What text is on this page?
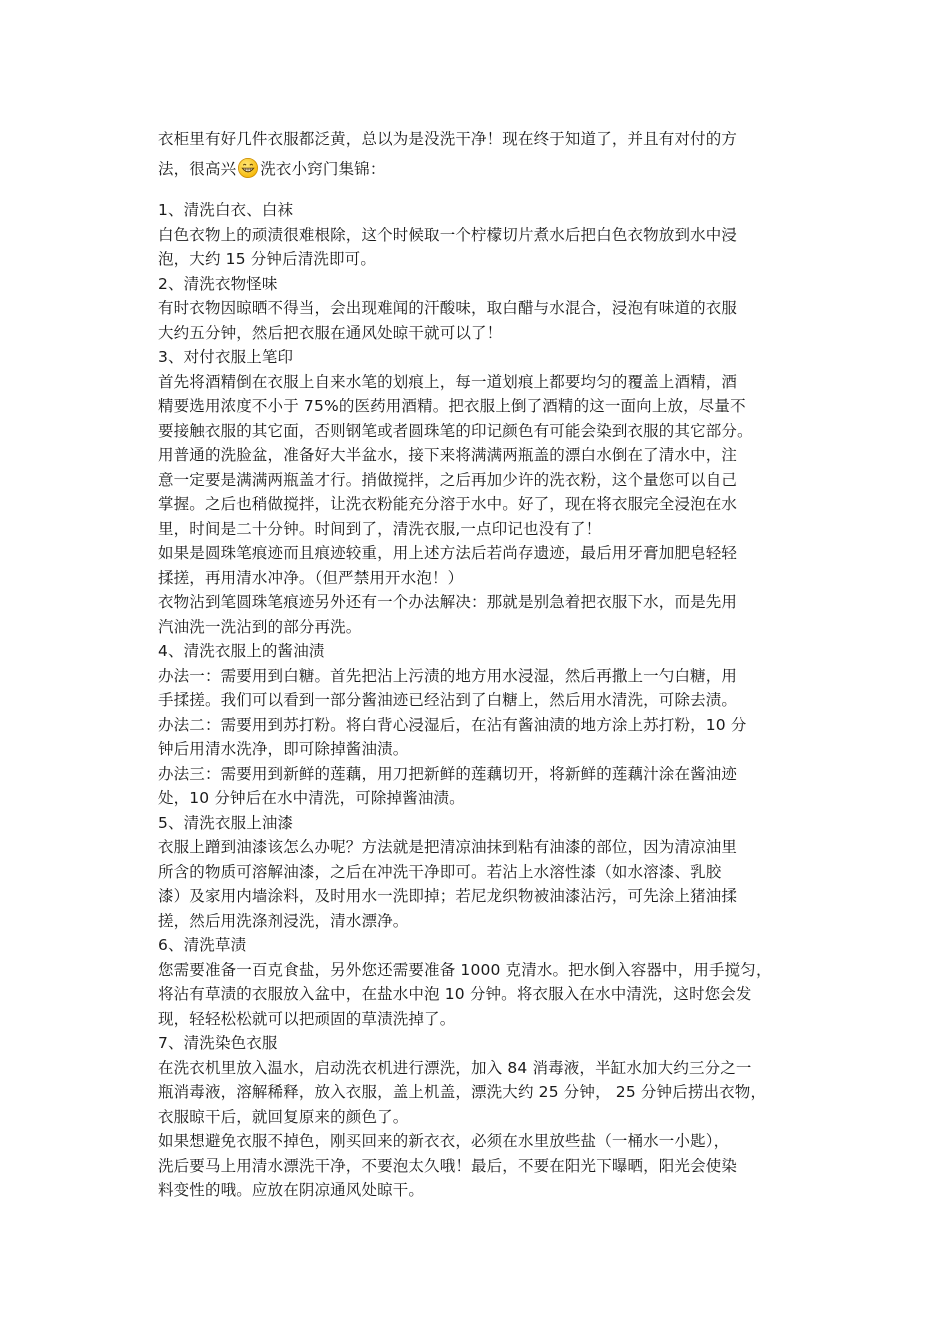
衣柜里有好几件衣服都泛黄，总以为是没洗干净！现在终于知道了，并且有对付的方
法，很高兴 洗衣小窍门集锦：
1、清洗白衣、白袜
白色衣物上的顽渍很难根除，这个时候取一个柠檬切片煮水后把白色衣物放到水中浸
泡，大约 15 分钟后清洗即可。
2、清洗衣物怪味
有时衣物因晾晒不得当，会出现难闻的汗酸味，取白醋与水混合，浸泡有味道的衣服
大约五分钟，然后把衣服在通风处晾干就可以了！
3、对付衣服上笔印
首先将酒精倒在衣服上自来水笔的划痕上，每一道划痕上都要均匀的覆盖上酒精，酒
精要选用浓度不小于 75%的医药用酒精。把衣服上倒了酒精的这一面向上放，尽量不
要接触衣服的其它面，否则钢笔或者圆珠笔的印记颜色有可能会染到衣服的其它部分。
用普通的洗脸盆，准备好大半盆水，接下来将满满两瓶盖的漂白水倒在了清水中，注
意一定要是满满两瓶盖才行。捎做搅拌，之后再加少许的洗衣粉，这个量您可以自己
掌握。之后也稍做搅拌，让洗衣粉能充分溶于水中。好了，现在将衣服完全浸泡在水
里，时间是二十分钟。时间到了，清洗衣服,一点印记也没有了！
如果是圆珠笔痕迹而且痕迹较重，用上述方法后若尚存遗迹，最后用牙膏加肥皂轻轻
揉搓，再用清水冲净。（但严禁用开水泡！）
衣物沾到笔圆珠笔痕迹另外还有一个办法解决：那就是别急着把衣服下水，而是先用
汽油洗一洗沾到的部分再洗。
4、清洗衣服上的酱油渍
办法一：需要用到白糖。首先把沾上污渍的地方用水浸湿，然后再撒上一勺白糖，用
手揉搓。我们可以看到一部分酱油迹已经沾到了白糖上，然后用水清洗，可除去渍。
办法二：需要用到苏打粉。将白背心浸湿后，在沾有酱油渍的地方涂上苏打粉，10 分
钟后用清水洗净，即可除掉酱油渍。
办法三：需要用到新鲜的莲藕，用刀把新鲜的莲藕切开，将新鲜的莲藕汁涂在酱油迹
处，10 分钟后在水中清洗，可除掉酱油渍。
5、清洗衣服上油漆
衣服上蹭到油漆该怎么办呢？方法就是把清凉油抹到粘有油漆的部位，因为清凉油里
所含的物质可溶解油漆，之后在冲洗干净即可。若沾上水溶性漆（如水溶漆、乳胶
漆）及家用内墙涂料，及时用水一洗即掉；若尼龙织物被油漆沾污，可先涂上猪油揉
搓，然后用洗涤剂浸洗，清水漂净。
6、清洗草渍
您需要准备一百克食盐，另外您还需要准备 1000 克清水。把水倒入容器中，用手搅匀，
将沾有草渍的衣服放入盆中，在盐水中泡 10 分钟。将衣服入在水中清洗，这时您会发
现，轻轻松松就可以把顽固的草渍洗掉了。
7、清洗染色衣服
在洗衣机里放入温水，启动洗衣机进行漂洗，加入 84 消毒液，半缸水加大约三分之一
瓶消毒液，溶解稀释，放入衣服，盖上机盖，漂洗大约 25 分钟， 25 分钟后捞出衣物，
衣服晾干后，就回复原来的颜色了。
如果想避免衣服不掉色，刚买回来的新衣衣，必须在水里放些盐（一桶水一小匙），
洗后要马上用清水漂洗干净，不要泡太久哦！最后，不要在阳光下曝晒，阳光会使染
料变性的哦。应放在阴凉通风处晾干。
